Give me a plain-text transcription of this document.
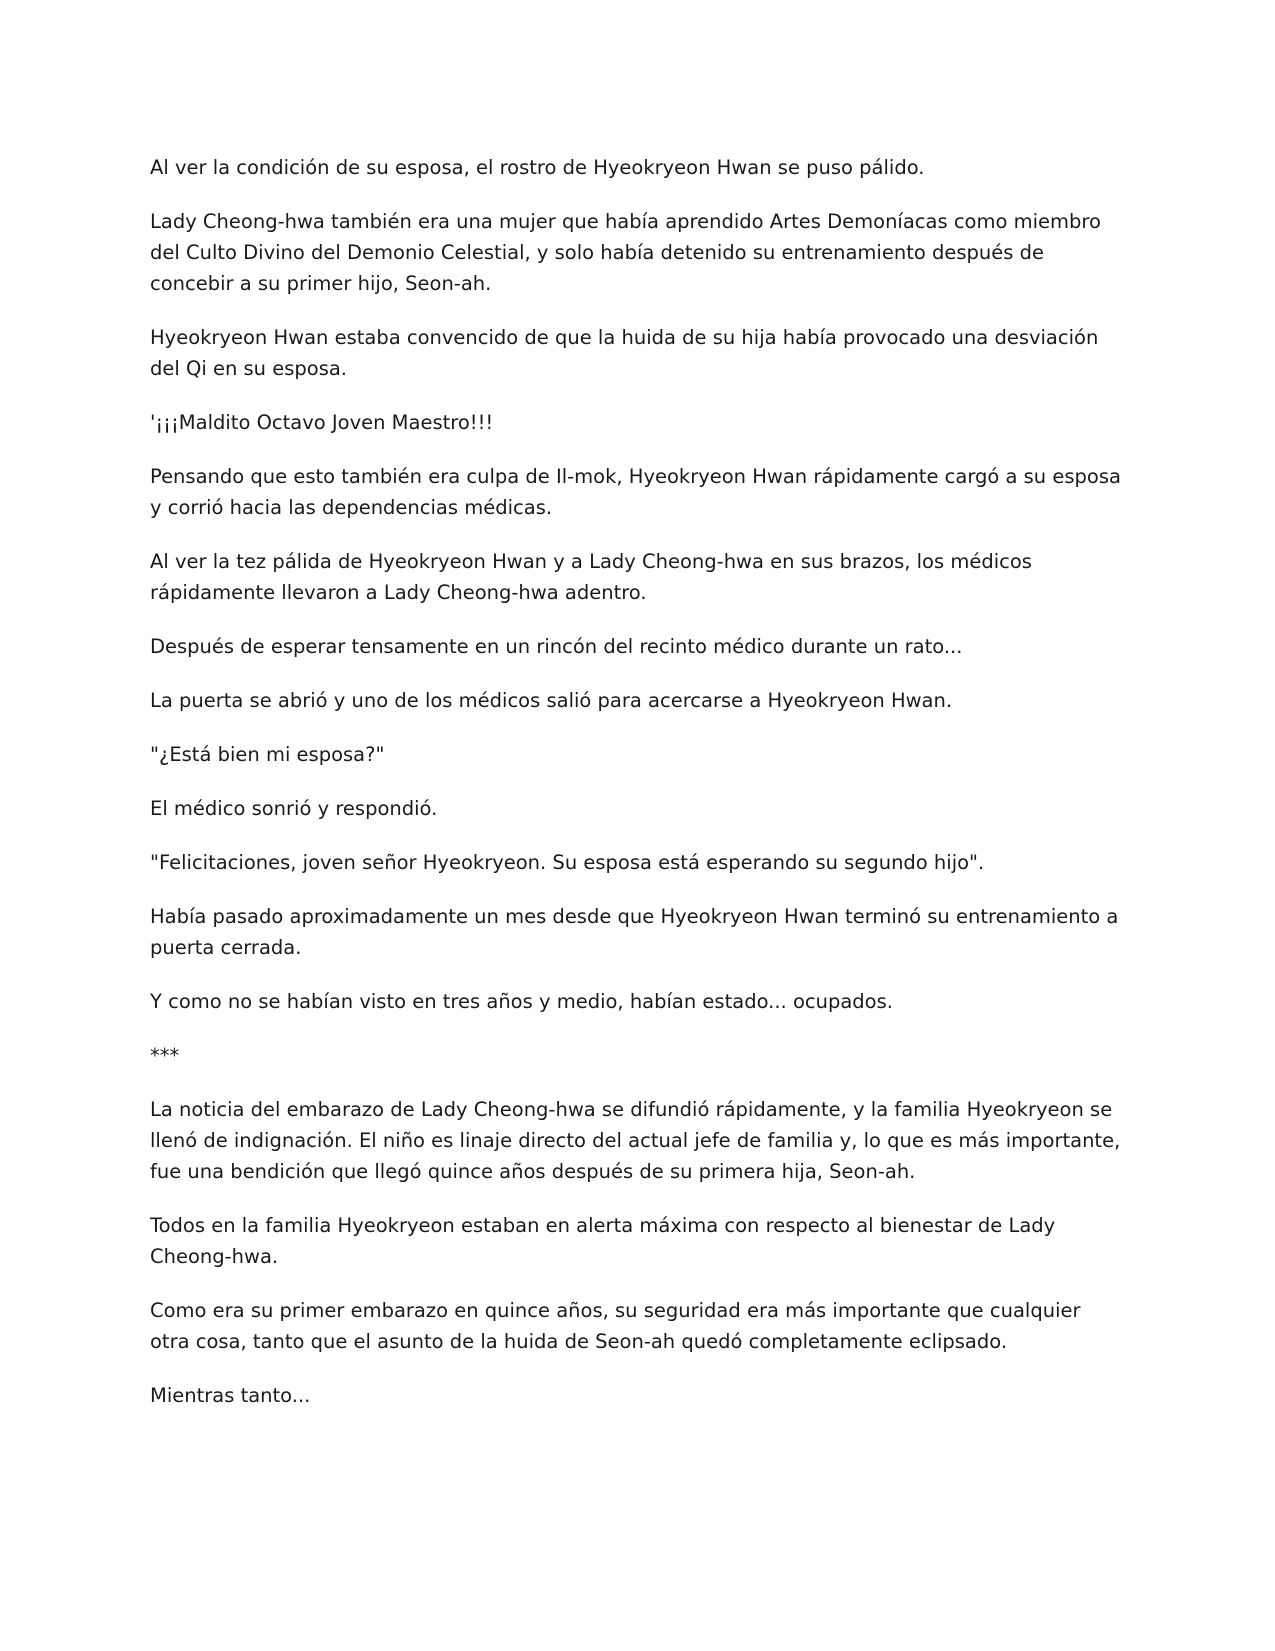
Al ver la condición de su esposa, el rostro de Hyeokryeon Hwan se puso pálido.

Lady Cheong-hwa también era una mujer que había aprendido Artes Demoníacas como miembro del Culto Divino del Demonio Celestial, y solo había detenido su entrenamiento después de concebir a su primer hijo, Seon-ah.

Hyeokryeon Hwan estaba convencido de que la huida de su hija había provocado una desviación del Qi en su esposa.

'¡¡¡Maldito Octavo Joven Maestro!!!

Pensando que esto también era culpa de Il-mok, Hyeokryeon Hwan rápidamente cargó a su esposa y corrió hacia las dependencias médicas.

Al ver la tez pálida de Hyeokryeon Hwan y a Lady Cheong-hwa en sus brazos, los médicos rápidamente llevaron a Lady Cheong-hwa adentro.

Después de esperar tensamente en un rincón del recinto médico durante un rato...

La puerta se abrió y uno de los médicos salió para acercarse a Hyeokryeon Hwan.

"¿Está bien mi esposa?"

El médico sonrió y respondió.

"Felicitaciones, joven señor Hyeokryeon. Su esposa está esperando su segundo hijo".

Había pasado aproximadamente un mes desde que Hyeokryeon Hwan terminó su entrenamiento a puerta cerrada.

Y como no se habían visto en tres años y medio, habían estado... ocupados.

***

La noticia del embarazo de Lady Cheong-hwa se difundió rápidamente, y la familia Hyeokryeon se llenó de indignación. El niño es linaje directo del actual jefe de familia y, lo que es más importante, fue una bendición que llegó quince años después de su primera hija, Seon-ah.

Todos en la familia Hyeokryeon estaban en alerta máxima con respecto al bienestar de Lady Cheong-hwa.

Como era su primer embarazo en quince años, su seguridad era más importante que cualquier otra cosa, tanto que el asunto de la huida de Seon-ah quedó completamente eclipsado.

Mientras tanto...
